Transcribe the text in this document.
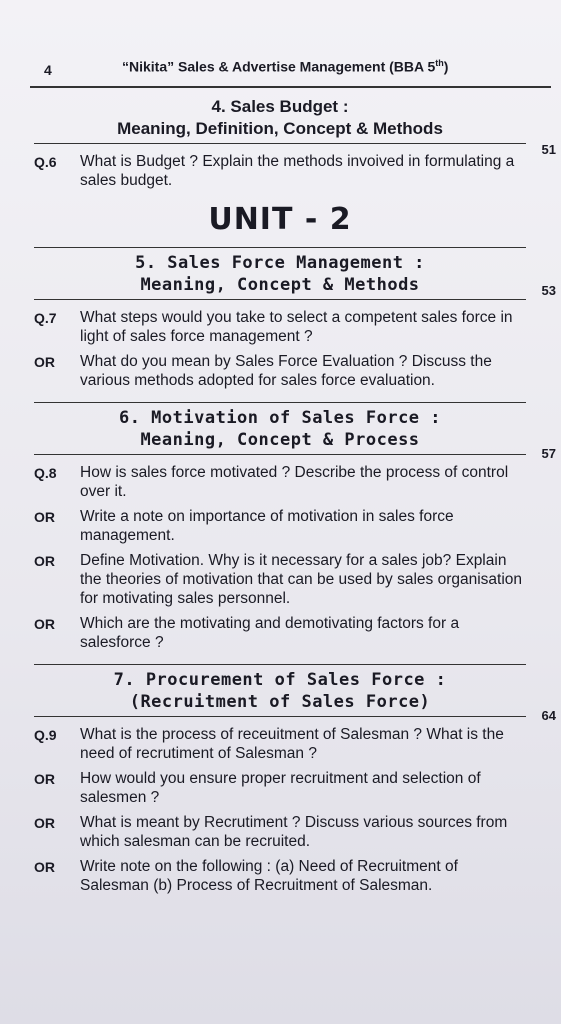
4	“Nikita” Sales & Advertise Management (BBA 5th)
4. Sales Budget :
Meaning, Definition, Concept & Methods
51
Q.6	What is Budget ? Explain the methods invoived in formulating a sales budget.
UNIT - 2
5. Sales Force Management :
Meaning, Concept & Methods	53
Q.7	What steps would you take to select a competent sales force in light of sales force management ?
OR	What do you mean by Sales Force Evaluation ? Discuss the various methods adopted for sales force evaluation.
6. Motivation of Sales Force :
Meaning, Concept & Process
57
Q.8	How is sales force motivated ? Describe the process of control over it.
OR	Write a note on importance of motivation in sales force management.
OR	Define Motivation. Why is it necessary for a sales job? Explain the theories of motivation that can be used by sales organisation for motivating sales personnel.
OR	Which are the motivating and demotivating factors for a salesforce ?
7. Procurement of Sales Force :
(Recruitment of Sales Force)
64
Q.9	What is the process of receuitment of Salesman ? What is the need of recrutiment of Salesman ?
OR	How would you ensure proper recruitment and selection of salesmen ?
OR	What is meant by Recrutiment ? Discuss various sources from which salesman can be recruited.
OR	Write note on the following : (a) Need of Recruitment of Salesman (b) Process of Recruitment of Salesman.
